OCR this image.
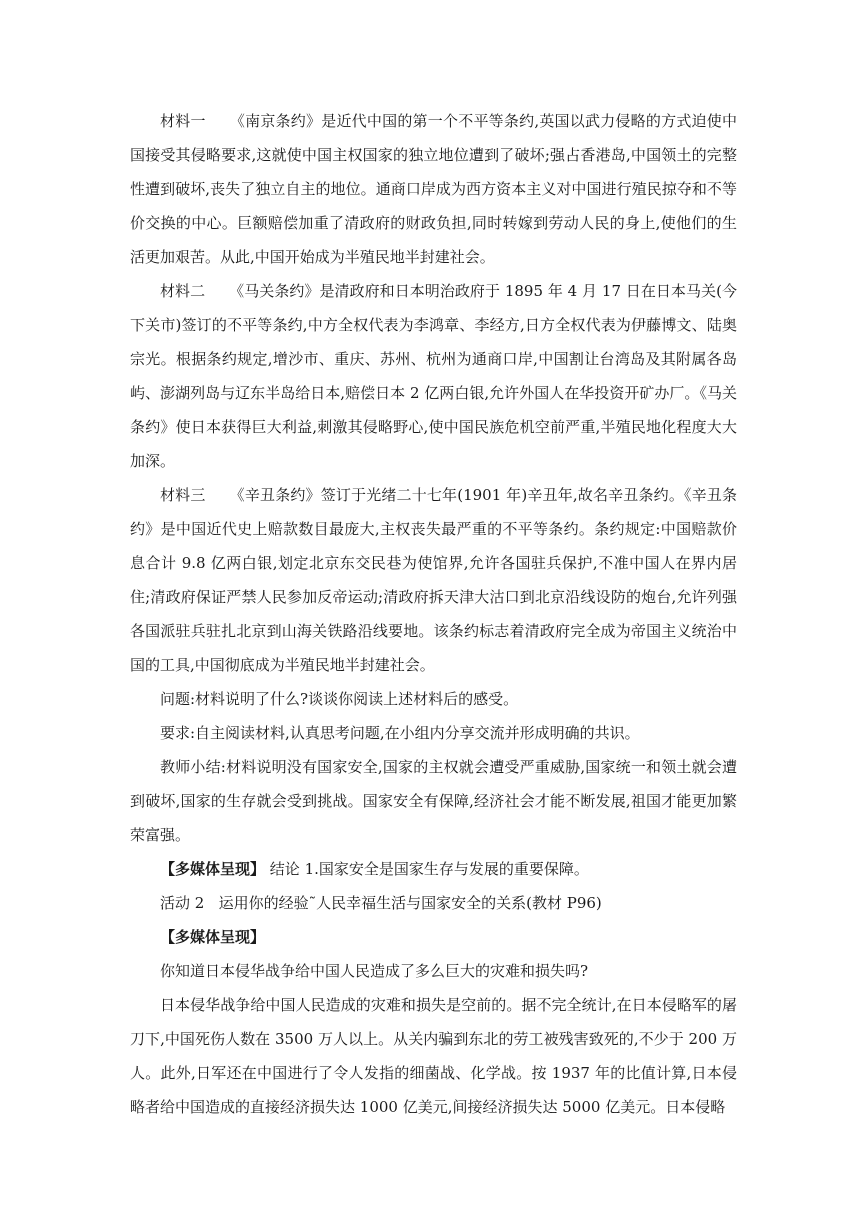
材料一 《南京条约》是近代中国的第一个不平等条约,英国以武力侵略的方式迫使中国接受其侵略要求,这就使中国主权国家的独立地位遭到了破坏;强占香港岛,中国领土的完整性遭到破坏,丧失了独立自主的地位。通商口岸成为西方资本主义对中国进行殖民掠夺和不等价交换的中心。巨额赔偿加重了清政府的财政负担,同时转嫁到劳动人民的身上,使他们的生活更加艰苦。从此,中国开始成为半殖民地半封建社会。

材料二 《马关条约》是清政府和日本明治政府于 1895 年 4 月 17 日在日本马关(今下关市)签订的不平等条约,中方全权代表为李鸿章、李经方,日方全权代表为伊藤博文、陆奥宗光。根据条约规定,增沙市、重庆、苏州、杭州为通商口岸,中国割让台湾岛及其附属各岛屿、澎湖列岛与辽东半岛给日本,赔偿日本 2 亿两白银,允许外国人在华投资开矿办厂。《马关条约》使日本获得巨大利益,刺激其侵略野心,使中国民族危机空前严重,半殖民地化程度大大加深。

材料三 《辛丑条约》签订于光绪二十七年(1901 年)辛丑年,故名辛丑条约。《辛丑条约》是中国近代史上赔款数目最庞大,主权丧失最严重的不平等条约。条约规定:中国赔款价息合计 9.8 亿两白银,划定北京东交民巷为使馆界,允许各国驻兵保护,不准中国人在界内居住;清政府保证严禁人民参加反帝运动;清政府拆天津大沽口到北京沿线设防的炮台,允许列强各国派驻兵驻扎北京到山海关铁路沿线要地。该条约标志着清政府完全成为帝国主义统治中国的工具,中国彻底成为半殖民地半封建社会。

问题:材料说明了什么?谈谈你阅读上述材料后的感受。

要求:自主阅读材料,认真思考问题,在小组内分享交流并形成明确的共识。

教师小结:材料说明没有国家安全,国家的主权就会遭受严重威胁,国家统一和领土就会遭到破坏,国家的生存就会受到挑战。国家安全有保障,经济社会才能不断发展,祖国才能更加繁荣富强。

【多媒体呈现】 结论 1.国家安全是国家生存与发展的重要保障。

活动 2 运用你的经验˜人民幸福生活与国家安全的关系(教材 P96)

【多媒体呈现】

你知道日本侵华战争给中国人民造成了多么巨大的灾难和损失吗?

日本侵华战争给中国人民造成的灾难和损失是空前的。据不完全统计,在日本侵略军的屠刀下,中国死伤人数在 3500 万人以上。从关内骗到东北的劳工被残害致死的,不少于 200 万人。此外,日军还在中国进行了令人发指的细菌战、化学战。按 1937 年的比值计算,日本侵略者给中国造成的直接经济损失达 1000 亿美元,间接经济损失达 5000 亿美元。日本侵略
